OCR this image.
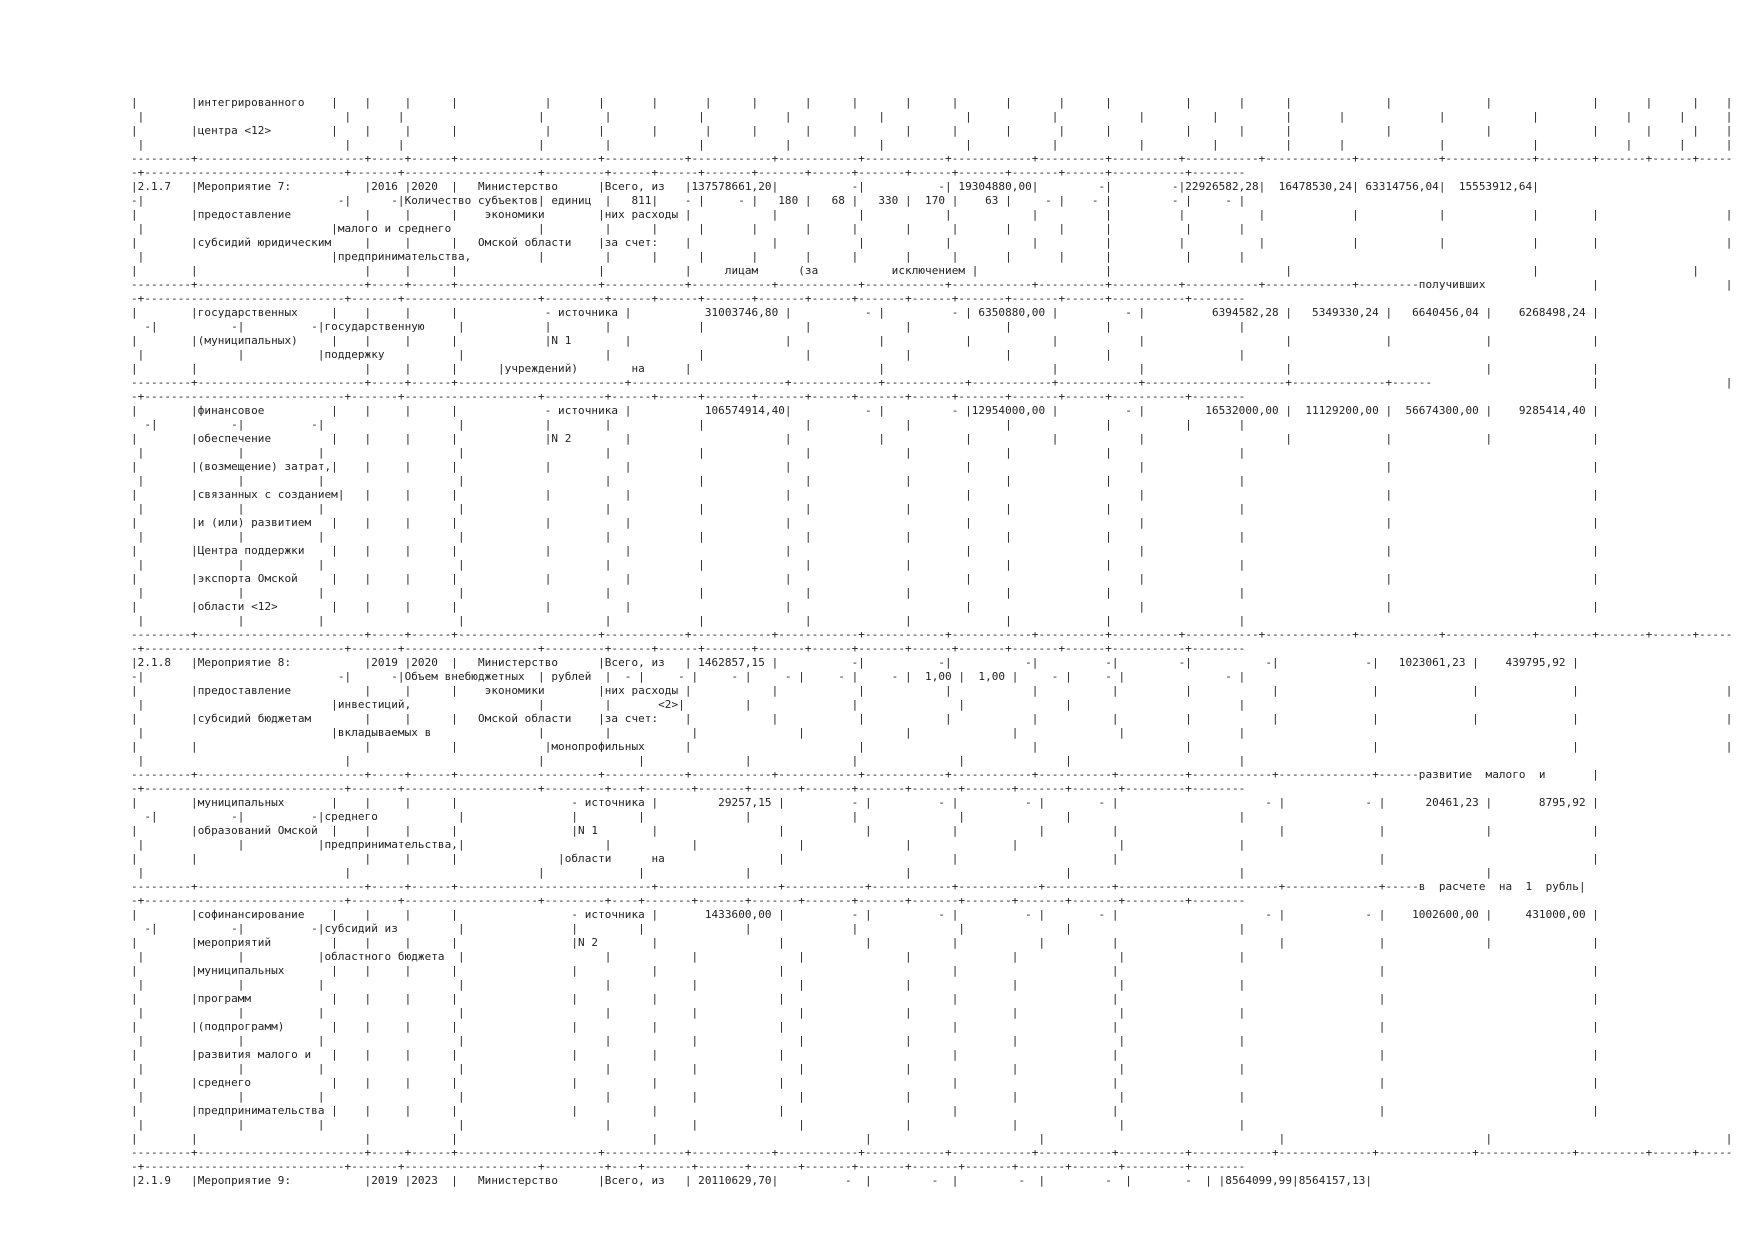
|        |интегрированного    |    |     |      |             |       |       |       |      |       |      |       |      |       |       |      |           |       |      |              |              |               |       |      |    |
|                              |       |                    |         |             |            |             |            |            |            |          |          |       |              |             |             |       |      |
|        |центра <12>         |    |     |      |             |       |       |       |      |       |      |       |      |       |       |      |           |       |      |              |              |               |       |      |    |
|                              |       |                    |         |             |            |             |            |            |            |          |          |       |              |             |             |       |      |
---------+-------------------------+-----+------+---------------------+------------+------------+------------+------------+------------+----------+----------+-----------+-------------+------------+-------------+--------+-------+------+-----
-+------------------------------+-------+--------------------+---------+------+------+-------+-------+------+-------+------+-------+-------+------+-----------+--------
|2.1.7   |Мероприятие 7:           |2016 |2020  |   Министерство      |Всего, из   |137578661,20|           -|           -| 19304880,00|         -|         -|22926582,28|  16478530,24| 63314756,04|  15553912,64|
-|                             -|      -|Количество субъектов| единиц  |   811|    - |     - |   180 |   68 |   330 |  170 |    63 |     - |    - |         - |     - |
|        |предоставление           |     |      |    экономики        |них расходы |            |            |            |            |          |          |           |             |            |             |        |                   |
|                            |малого и среднего             |         |      |      |       |       |      |       |      |       |       |      |           |       |
|        |субсидий юридическим     |     |      |   Омской области    |за счет:    |            |            |            |            |          |          |           |             |            |             |        |                   |
|                            |предпринимательства,          |         |      |      |       |       |      |       |      |       |       |      |           |       |
|        |                         |     |      |                     |            |     лицам      (за           исключением |                   |                          |                                    |                       |
---------+-------------------------+-----+------+---------------------+------------+------------+------------+------------+------------+----------+----------+-----------+-------------+---------получивших                |                   |
-+------------------------------+-------+--------------------+---------+------+------+-------+-------+------+-------+------+-------+-------+------+-----------+--------
|        |государственных     |    |     |      |             - источника |           31003746,80 |           - |          - | 6350880,00 |          - |          6394582,28 |   5349330,24 |   6640456,04 |    6268498,24 |
-|           -|          -|государственную     |            |        |             |               |              |              |              |                   |
|        |(муниципальных)     |    |     |      |             |N 1        |                       |             |            |            |            |                     |              |              |               |
|              |           |поддержку           |                     |             |               |              |              |              |                   |
|        |                         |     |      |      |учреждений)        на      |                            |                         |            |                     |                             |               |
---------+-------------------------+-----+------+-------------------------+-----------------------+-------------+------------+------------+------------+---------------------+--------------+------                        |                   |
-+------------------------------+-------+--------------------+---------+------+------+-------+-------+------+-------+------+-------+-------+------+-----------+--------
|        |финансовое          |    |     |      |             - источника |           106574914,40|           - |          - |12954000,00 |          - |         16532000,00 |  11129200,00 |  56674300,00 |    9285414,40 |
-|           -|          -|                    |            |        |             |               |              |              |              |           |       |
|        |обеспечение         |    |     |      |             |N 2        |                       |             |            |            |            |                     |              |              |               |
|              |           |                    |                     |             |               |              |              |              |                   |
|        |(возмещение) затрат,|    |     |      |             |           |                       |                          |                         |                                    |                              |
|              |           |                    |                     |             |               |              |              |              |                   |
|        |связанных с созданием|   |     |      |             |           |                       |                          |                         |                                    |                              |
|              |           |                    |                     |             |               |              |              |              |                   |
|        |и (или) развитием   |    |     |      |             |           |                       |                          |                         |                                    |                              |
|              |           |                    |                     |             |               |              |              |              |                   |
|        |Центра поддержки    |    |     |      |             |           |                       |                          |                         |                                    |                              |
|              |           |                    |                     |             |               |              |              |              |                   |
|        |экспорта Омской     |    |     |      |             |           |                       |                          |                         |                                    |                              |
|              |           |                    |                     |             |               |              |              |              |                   |
|        |области <12>        |    |     |      |             |           |                       |                          |                         |                                    |                              |
|              |           |                    |                     |             |               |              |              |              |                   |
---------+-------------------------+-----+------+---------------------+------------+------------+------------+------------+------------+----------+----------+-----------+-------------+------------+-------------+--------+-------+------+-----
-+------------------------------+-------+--------------------+---------+------+------+-------+-------+------+-------+------+-------+-------+------+-----------+--------
|2.1.8   |Мероприятие 8:           |2019 |2020  |   Министерство      |Всего, из   | 1462857,15 |           -|           -|           -|          -|         -|           -|             -|   1023061,23 |    439795,92 |
-|                             -|      -|Объем внебюджетных  | рублей  |  - |     - |     - |     - |     - |     - |  1,00 |  1,00 |     - |     - |               - |
|        |предоставление           |     |      |    экономики        |них расходы |            |            |            |            |           |          |            |              |              |              |                      |
|                            |инвестиций,                   |         |       <2>|         |               |               |               |                         |
|        |субсидий бюджетам        |     |      |   Омской области    |за счет:    |            |            |            |            |           |          |            |              |              |              |                      |
|                            |вкладываемых в                |         |            |               |               |               |               |                 |
|        |                         |            |             |монопрофильных      |                         |                         |                      |                           |                             |                      |
|                              |                            |              |               |               |               |               |                         |
---------+-------------------------+-----+------+---------------------+------------+------------+------------+------------+------------+-----------+----------+------------+--------------+------развитие  малого  и       |
-+------------------------------+-------+--------------------+---------+----+-------+-------+-------+-------+-------+-------+-------+-------+-------+---------+--------
|        |муниципальных       |    |     |      |                 - источника |         29257,15 |          - |          - |          - |        - |                      - |            - |      20461,23 |       8795,92 |
-|           -|          -|среднего            |                |         |               |               |               |               |                         |
|        |образований Омской  |    |     |      |                 |N 1        |                  |            |            |            |          |                        |              |               |               |
|              |           |предпринимательства,|                     |            |               |               |               |               |                 |
|        |                         |     |      |               |области      на                 |                         |                       |                                       |                               |
|                              |                            |              |               |                       |                       |                         |                                    |
---------+-------------------------+-----+------+-----------------------------+------------------+------------+------------+------------+----------+------------------------+--------------+-----в  расчете  на  1  рубль|
-+------------------------------+-------+--------------------+---------+----+-------+-------+-------+-------+-------+-------+-------+-------+-------+---------+--------
|        |софинансирование    |    |     |      |                 - источника |       1433600,00 |          - |          - |          - |        - |                      - |            - |    1002600,00 |     431000,00 |
-|           -|          -|субсидий из         |                |         |               |               |               |               |                         |
|        |мероприятий         |    |     |      |                 |N 2        |                  |            |            |            |          |                        |              |               |               |
|              |           |областного бюджета  |                     |            |               |               |               |               |                 |
|        |муниципальных       |    |     |      |                 |           |                  |                         |                       |                                       |                               |
|              |           |                    |                     |            |               |               |               |               |                 |
|        |программ            |    |     |      |                 |           |                  |                         |                       |                                       |                               |
|              |           |                    |                     |            |               |               |               |               |                 |
|        |(подпрограмм)       |    |     |      |                 |           |                  |                         |                       |                                       |                               |
|              |           |                    |                     |            |               |               |               |               |                 |
|        |развития малого и   |    |     |      |                 |           |                  |                         |                       |                                       |                               |
|              |           |                    |                     |            |               |               |               |               |                 |
|        |среднего            |    |     |      |                 |           |                  |                         |                       |                                       |                               |
|              |           |                    |                     |            |               |               |               |               |                 |
|        |предпринимательства |    |     |      |                 |           |                  |                         |                       |                                       |                               |
|              |           |                    |                     |            |               |               |               |               |                 |
|        |                         |            |                             |                               |                         |                                   |                              |                                   |
---------+-------------------------+-----+------+---------------------+------------+------------+------------+------------+------------+-----------+----------+------------+--------------+--------------+--------------+----------+------+-----
-+------------------------------+-------+--------------------+---------+----+-------+-------+-------+-------+-------+-------+-------+-------+-------+---------+--------
|2.1.9   |Мероприятие 9:           |2019 |2023  |   Министерство      |Всего, из   | 20110629,70|          -  |         -  |         -  |         -  |        -  | |8564099,99|8564157,13|
